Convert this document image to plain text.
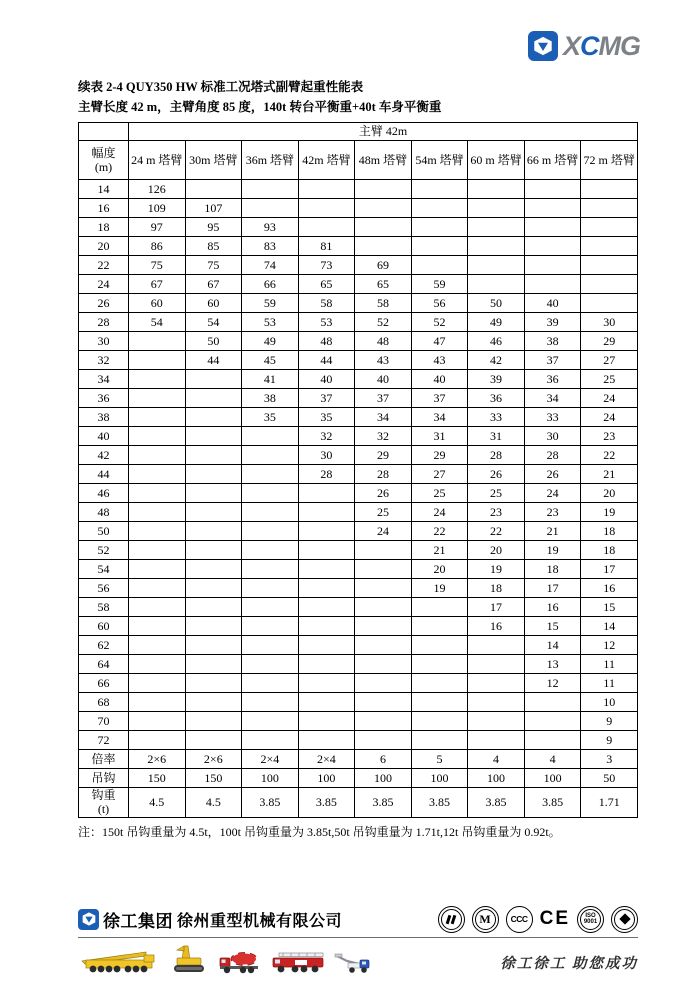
XCMG
续表 2-4 QUY350 HW 标准工况塔式副臂起重性能表
主臂长度 42 m，主臂角度 85 度，140t 转台平衡重+40t 车身平衡重
	主臂 42m								

幅度
(m)	24 m 塔臂	30m 塔臂	36m 塔臂	42m 塔臂	48m 塔臂	54m 塔臂	60 m 塔臂	66 m 塔臂	72 m 塔臂

14	126								

16	109	107							

18	97	95	93						

20	86	85	83	81					

22	75	75	74	73	69				

24	67	67	66	65	65	59			

26	60	60	59	58	58	56	50	40	

28	54	54	53	53	52	52	49	39	30

30		50	49	48	48	47	46	38	29

32		44	45	44	43	43	42	37	27

34			41	40	40	40	39	36	25

36			38	37	37	37	36	34	24

38			35	35	34	34	33	33	24

40				32	32	31	31	30	23

42				30	29	29	28	28	22

44				28	28	27	26	26	21

46					26	25	25	24	20

48					25	24	23	23	19

50					24	22	22	21	18

52						21	20	19	18

54						20	19	18	17

56						19	18	17	16

58							17	16	15

60							16	15	14

62								14	12

64								13	11

66								12	11

68									10

70									9

72									9

倍率	2×6	2×6	2×4	2×4	6	5	4	4	3

吊钩	150	150	100	100	100	100	100	100	50

钩重
(t)	4.5	4.5	3.85	3.85	3.85	3.85	3.85	3.85	1.71
注：150t 吊钩重量为 4.5t，100t 吊钩重量为 3.85t,50t 吊钩重量为 1.71t,12t 吊钩重量为 0.92t。
徐工集团 徐州重型机械有限公司	M CCC CE	ISO
9001
徐工徐工 助您成功
